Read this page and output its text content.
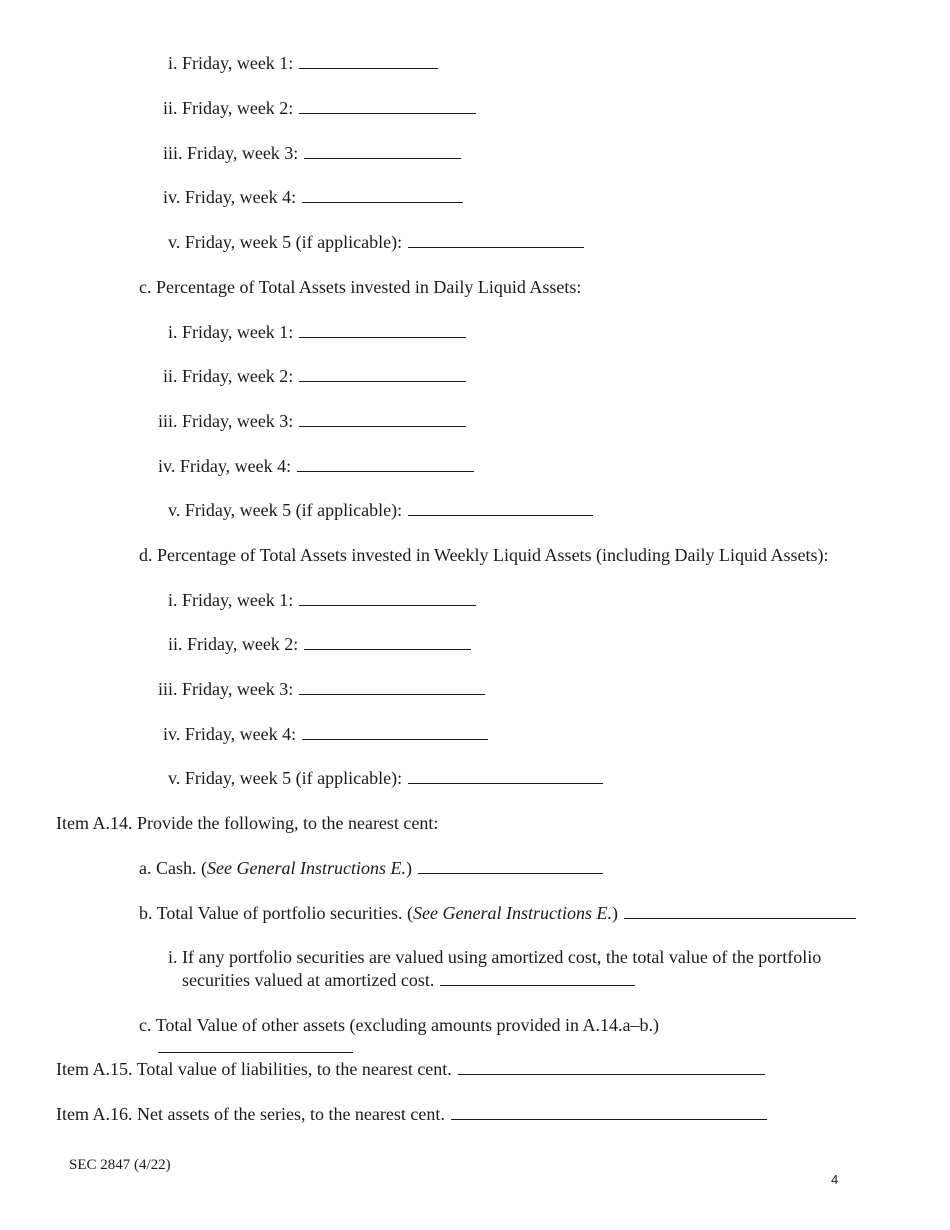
i. Friday, week 1:
ii. Friday, week 2:
iii. Friday, week 3:
iv. Friday, week 4:
v. Friday, week 5 (if applicable):
c. Percentage of Total Assets invested in Daily Liquid Assets:
i. Friday, week 1:
ii. Friday, week 2:
iii. Friday, week 3:
iv. Friday, week 4:
v. Friday, week 5 (if applicable):
d. Percentage of Total Assets invested in Weekly Liquid Assets (including Daily Liquid Assets):
i. Friday, week 1:
ii. Friday, week 2:
iii. Friday, week 3:
iv. Friday, week 4:
v. Friday, week 5 (if applicable):
Item A.14. Provide the following, to the nearest cent:
a. Cash. (See General Instructions E.)
b. Total Value of portfolio securities. (See General Instructions E.)
i. If any portfolio securities are valued using amortized cost, the total value of the portfolio
securities valued at amortized cost.
c. Total Value of other assets (excluding amounts provided in A.14.a–b.)
Item A.15. Total value of liabilities, to the nearest cent.
Item A.16. Net assets of the series, to the nearest cent.
SEC 2847 (4/22)
4
